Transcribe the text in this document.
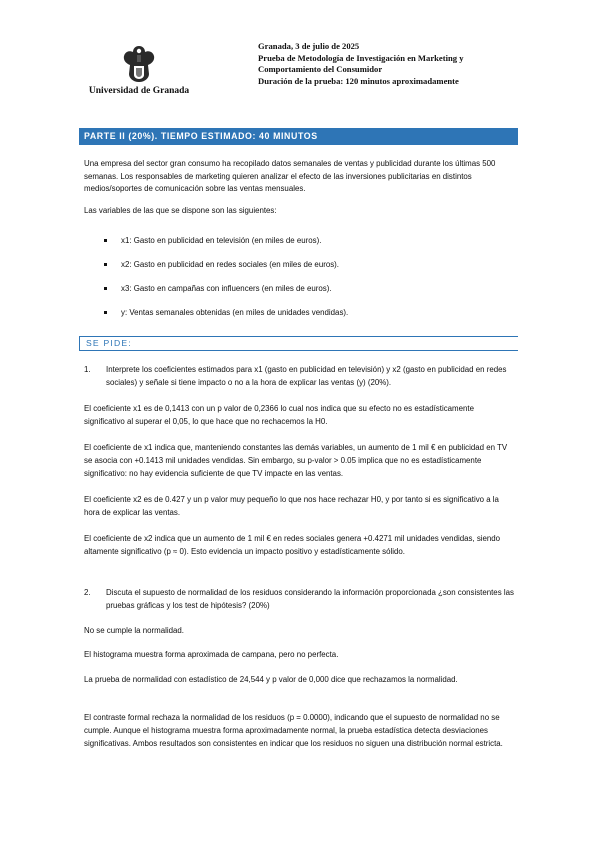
Universidad de Granada
Granada, 3 de julio de 2025
Prueba de Metodología de Investigación en Marketing y
Comportamiento del Consumidor
Duración de la prueba: 120 minutos aproximadamente
PARTE II (20%). TIEMPO ESTIMADO: 40 MINUTOS

Una empresa del sector gran consumo ha recopilado datos semanales de ventas y publicidad durante los últimas 500 semanas. Los responsables de marketing quieren analizar el efecto de las inversiones publicitarias en distintos medios/soportes de comunicación sobre las ventas mensuales.

Las variables de las que se dispone son las siguientes:

x1: Gasto en publicidad en televisión (en miles de euros).
x2: Gasto en publicidad en redes sociales (en miles de euros).
x3: Gasto en campañas con influencers (en miles de euros).
y: Ventas semanales obtenidas (en miles de unidades vendidas).
SE PIDE:
1. Interprete los coeficientes estimados para x1 (gasto en publicidad en televisión) y x2 (gasto en publicidad en redes sociales) y señale si tiene impacto o no a la hora de explicar las ventas (y) (20%).
El coeficiente x1 es de 0,1413 con un p valor de 0,2366 lo cual nos indica que su efecto no es estadísticamente significativo al superar el 0,05, lo que hace que no rechacemos la H0.
El coeficiente de x1 indica que, manteniendo constantes las demás variables, un aumento de 1 mil € en publicidad en TV se asocia con +0.1413 mil unidades vendidas. Sin embargo, su p-valor > 0.05 implica que no es estadísticamente significativo: no hay evidencia suficiente de que TV impacte en las ventas.
El coeficiente x2 es de 0.427 y un p valor muy pequeño lo que nos hace rechazar H0, y por tanto si es significativo a la hora de explicar las ventas.
El coeficiente de x2 indica que un aumento de 1 mil € en redes sociales genera +0.4271 mil unidades vendidas, siendo altamente significativo (p ≈ 0). Esto evidencia un impacto positivo y estadísticamente sólido.
2. Discuta el supuesto de normalidad de los residuos considerando la información proporcionada ¿son consistentes las pruebas gráficas y los test de hipótesis? (20%)
No se cumple la normalidad.
El histograma muestra forma aproximada de campana, pero no perfecta.
La prueba de normalidad con estadístico de 24,544 y p valor de 0,000 dice que rechazamos la normalidad.
El contraste formal rechaza la normalidad de los residuos (p = 0.0000), indicando que el supuesto de normalidad no se cumple. Aunque el histograma muestra forma aproximadamente normal, la prueba estadística detecta desviaciones significativas. Ambos resultados son consistentes en indicar que los residuos no siguen una distribución normal estricta.
